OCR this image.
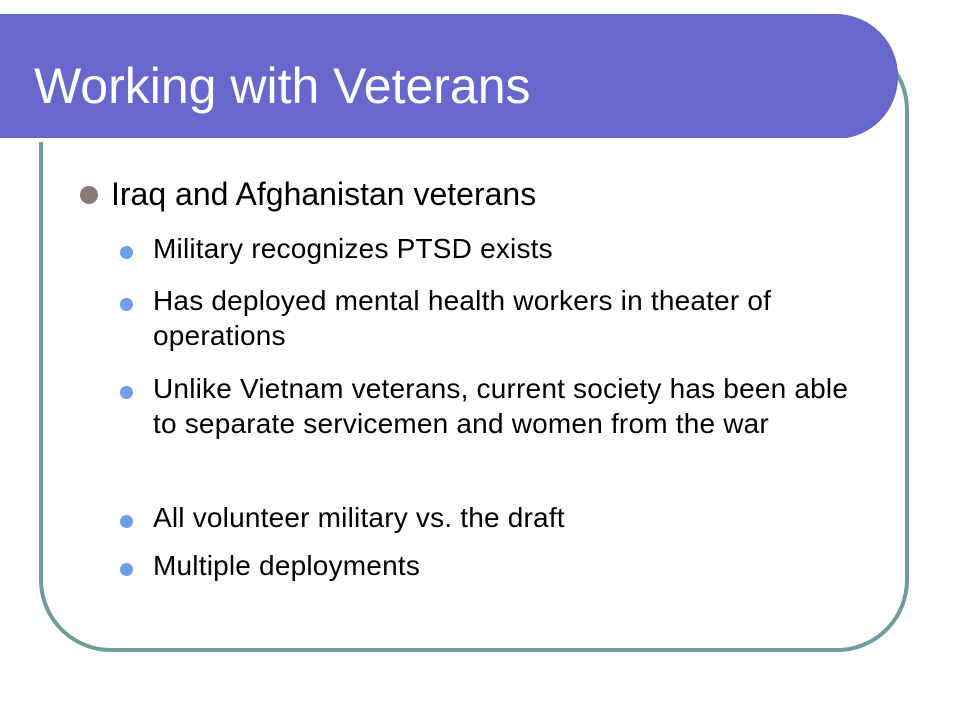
Working with Veterans
Iraq and Afghanistan veterans
Military recognizes PTSD exists
Has deployed mental health workers in theater of operations
Unlike Vietnam veterans, current society has been able to separate servicemen and women from the war
All volunteer military vs. the draft
Multiple deployments
